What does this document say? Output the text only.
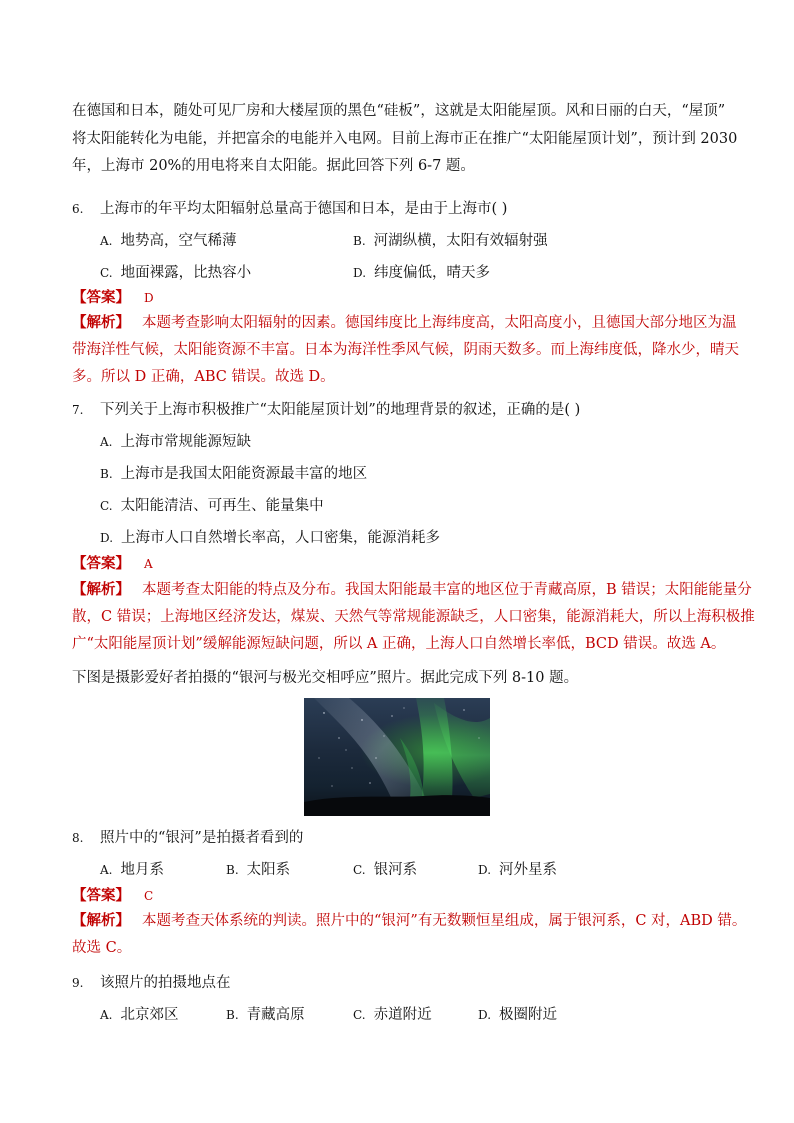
在德国和日本，随处可见厂房和大楼屋顶的黑色“硅板”，这就是太阳能屋顶。风和日丽的白天，“屋顶”
将太阳能转化为电能，并把富余的电能并入电网。目前上海市正在推广“太阳能屋顶计划”，预计到 2030
年，上海市 20%的用电将来自太阳能。据此回答下列 6-7 题。
6. 上海市的年平均太阳辐射总量高于德国和日本，是由于上海市( )
A. 地势高，空气稀薄	B. 河湖纵横，太阳有效辐射强
C. 地面裸露，比热容小	D. 纬度偏低，晴天多
【答案】 D
【解析】 本题考查影响太阳辐射的因素。德国纬度比上海纬度高，太阳高度小，且德国大部分地区为温
带海洋性气候，太阳能资源不丰富。日本为海洋性季风气候，阴雨天数多。而上海纬度低，降水少，晴天
多。所以 D 正确，ABC 错误。故选 D。
7. 下列关于上海市积极推广“太阳能屋顶计划”的地理背景的叙述，正确的是( )
A. 上海市常规能源短缺
B. 上海市是我国太阳能资源最丰富的地区
C. 太阳能清洁、可再生、能量集中
D. 上海市人口自然增长率高，人口密集，能源消耗多
【答案】 A
【解析】 本题考查太阳能的特点及分布。我国太阳能最丰富的地区位于青藏高原，B 错误；太阳能能量分
散，C 错误；上海地区经济发达，煤炭、天然气等常规能源缺乏，人口密集，能源消耗大，所以上海积极推
广“太阳能屋顶计划”缓解能源短缺问题，所以 A 正确，上海人口自然增长率低，BCD 错误。故选 A。
下图是摄影爱好者拍摄的“银河与极光交相呼应”照片。据此完成下列 8-10 题。
8. 照片中的“银河”是拍摄者看到的
A. 地月系	B. 太阳系	C. 银河系	D. 河外星系
【答案】 C
【解析】 本题考查天体系统的判读。照片中的“银河”有无数颗恒星组成，属于银河系，C 对，ABD 错。
故选 C。
9. 该照片的拍摄地点在
A. 北京郊区	B. 青藏高原	C. 赤道附近	D. 极圈附近
